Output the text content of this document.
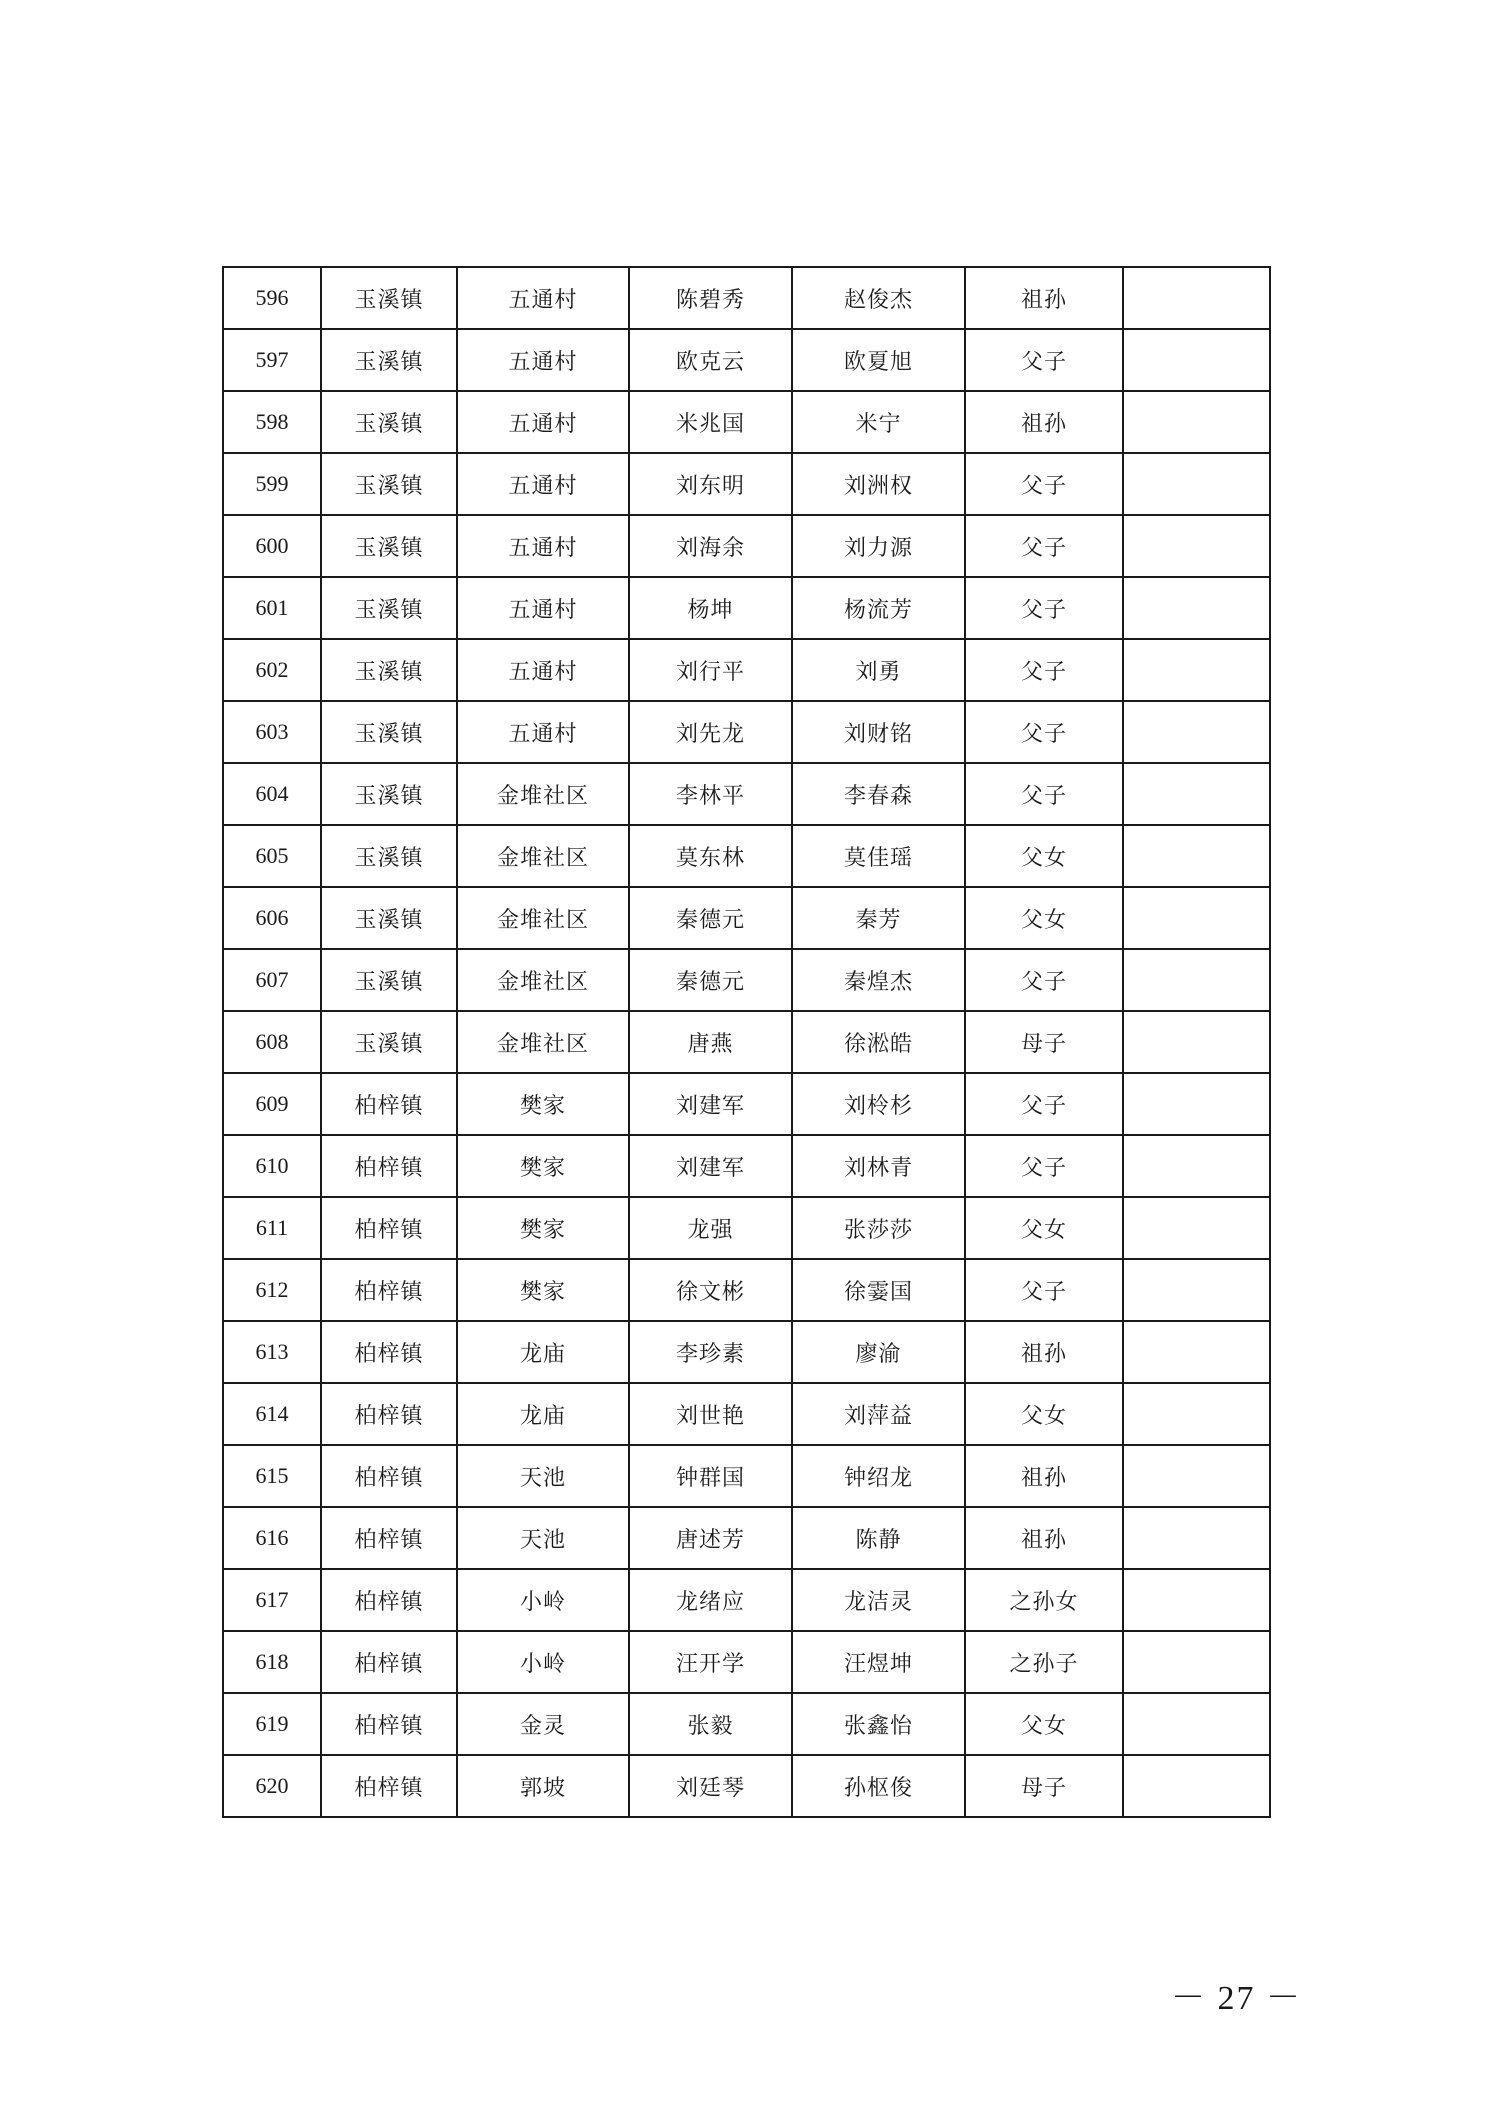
596	玉溪镇	五通村	陈碧秀	赵俊杰	祖孙	
597	玉溪镇	五通村	欧克云	欧夏旭	父子	
598	玉溪镇	五通村	米兆国	米宁	祖孙	
599	玉溪镇	五通村	刘东明	刘洲权	父子	
600	玉溪镇	五通村	刘海余	刘力源	父子	
601	玉溪镇	五通村	杨坤	杨流芳	父子	
602	玉溪镇	五通村	刘行平	刘勇	父子	
603	玉溪镇	五通村	刘先龙	刘财铭	父子	
604	玉溪镇	金堆社区	李林平	李春森	父子	
605	玉溪镇	金堆社区	莫东林	莫佳瑶	父女	
606	玉溪镇	金堆社区	秦德元	秦芳	父女	
607	玉溪镇	金堆社区	秦德元	秦煌杰	父子	
608	玉溪镇	金堆社区	唐燕	徐淞皓	母子	
609	柏梓镇	樊家	刘建军	刘柃杉	父子	
610	柏梓镇	樊家	刘建军	刘林青	父子	
611	柏梓镇	樊家	龙强	张莎莎	父女	
612	柏梓镇	樊家	徐文彬	徐霎国	父子	
613	柏梓镇	龙庙	李珍素	廖渝	祖孙	
614	柏梓镇	龙庙	刘世艳	刘萍益	父女	
615	柏梓镇	天池	钟群国	钟绍龙	祖孙	
616	柏梓镇	天池	唐述芳	陈静	祖孙	
617	柏梓镇	小岭	龙绪应	龙洁灵	之孙女	
618	柏梓镇	小岭	汪开学	汪煜坤	之孙子	
619	柏梓镇	金灵	张毅	张鑫怡	父女	
620	柏梓镇	郭坡	刘廷琴	孙枢俊	母子	
－ 27 －
